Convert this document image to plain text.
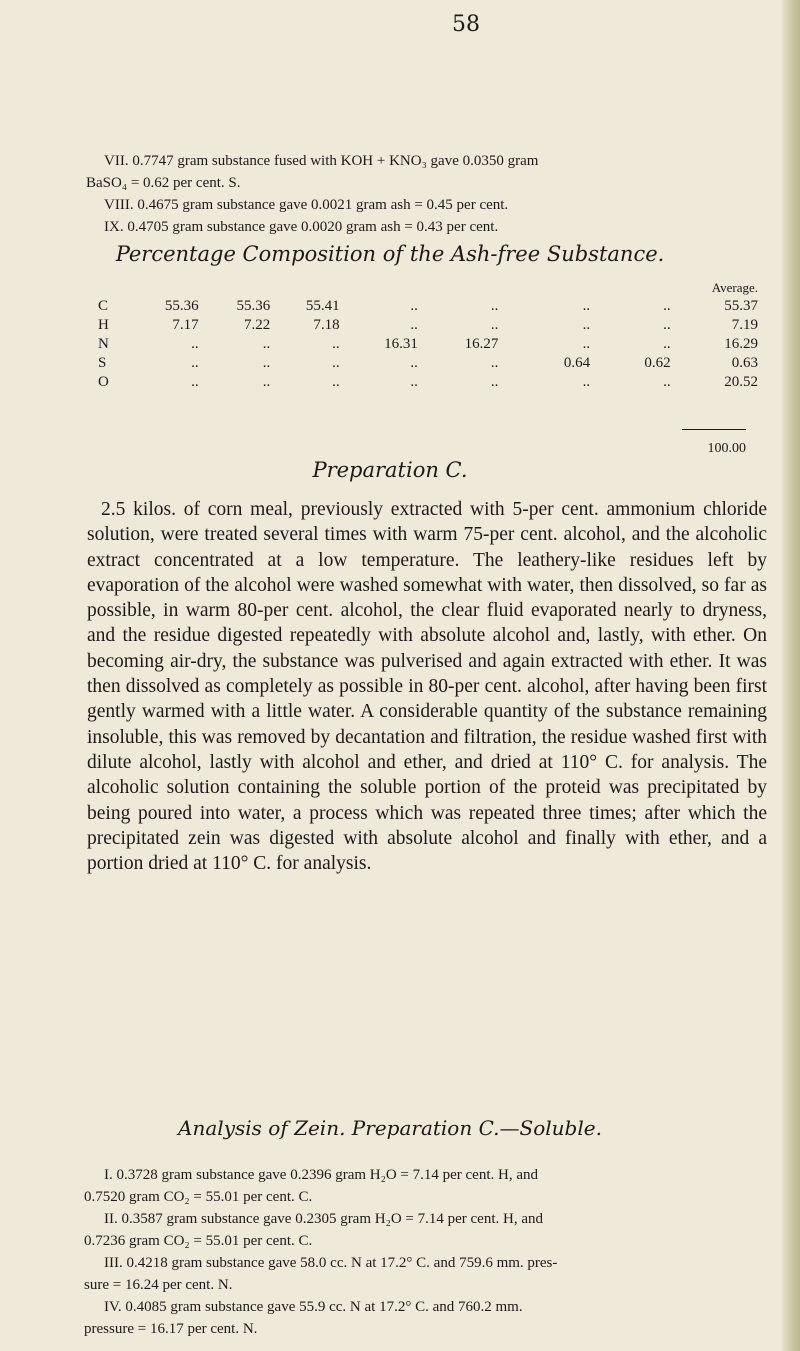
58

VII. 0.7747 gram substance fused with KOH + KNO₃ gave 0.0350 gram

BaSO₄ = 0.62 per cent. S.

VIII. 0.4675 gram substance gave 0.0021 gram ash = 0.45 per cent.

IX. 0.4705 gram substance gave 0.0020 gram ash = 0.43 per cent.

Percentage Composition of the Ash-free Substance.

								Average.
C	55.36	55.36	55.41	..	..	..	..	55.37
H	7.17	7.22	7.18	..	..	..	..	7.19
N	..	..	..	16.31	16.27	..	..	16.29
S	..	..	..	..	..	0.64	0.62	0.63
O	..	..	..	..	..	..	..	20.52

100.00

Preparation C.

2.5 kilos. of corn meal, previously extracted with 5-per cent. ammonium chloride solution, were treated several times with warm 75-per cent. alcohol, and the alcoholic extract concentrated at a low temperature. The leathery-like residues left by evaporation of the alcohol were washed somewhat with water, then dissolved, so far as possible, in warm 80-per cent. alcohol, the clear fluid evaporated nearly to dryness, and the residue digested repeatedly with absolute alcohol and, lastly, with ether. On becoming air-dry, the substance was pulverised and again extracted with ether. It was then dissolved as completely as possible in 80-per cent. alcohol, after having been first gently warmed with a little water. A considerable quantity of the substance remaining insoluble, this was removed by decantation and filtration, the residue washed first with dilute alcohol, lastly with alcohol and ether, and dried at 110° C. for analysis. The alcoholic solution containing the soluble portion of the proteid was precipitated by being poured into water, a process which was repeated three times; after which the precipitated zein was digested with absolute alcohol and finally with ether, and a portion dried at 110° C. for analysis.

Analysis of Zein. Preparation C.—Soluble.

I. 0.3728 gram substance gave 0.2396 gram H₂O = 7.14 per cent. H, and

0.7520 gram CO₂ = 55.01 per cent. C.

II. 0.3587 gram substance gave 0.2305 gram H₂O = 7.14 per cent. H, and

0.7236 gram CO₂ = 55.01 per cent. C.

III. 0.4218 gram substance gave 58.0 cc. N at 17.2° C. and 759.6 mm. pres-

sure = 16.24 per cent. N.

IV. 0.4085 gram substance gave 55.9 cc. N at 17.2° C. and 760.2 mm.

pressure = 16.17 per cent. N.
